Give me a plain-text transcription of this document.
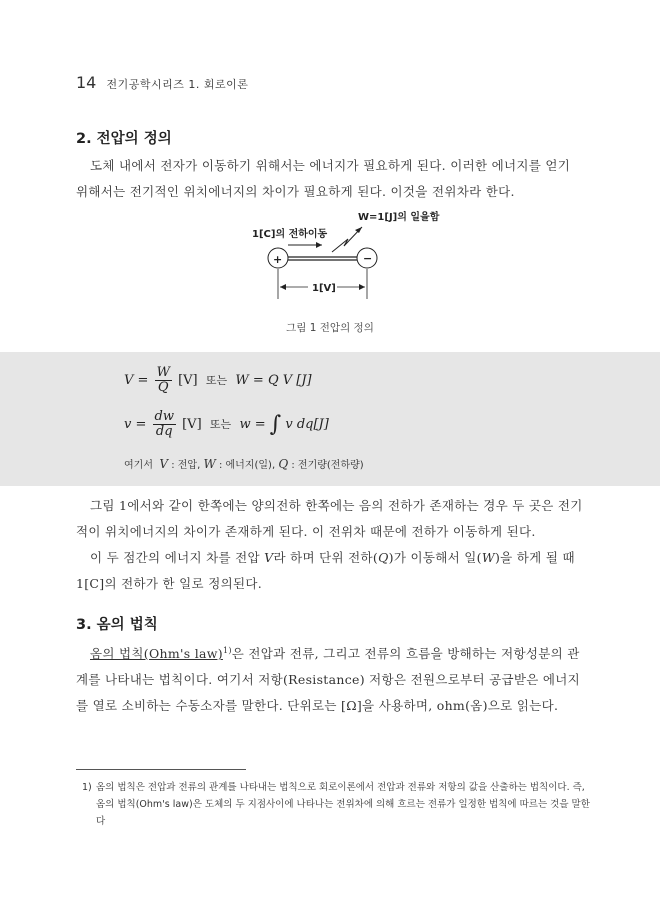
14 전기공학시리즈 1. 회로이론
2. 전압의 정의

도체 내에서 전자가 이동하기 위해서는 에너지가 필요하게 된다. 이러한 에너지를 얻기 위해서는 전기적인 위치에너지의 차이가 필요하게 된다. 이것을 전위차라 한다.

W=1[J]의 일을함
1[C]의 전하이동
+	−
1[V]
그림 1 전압의 정의
$V = \frac{W}{Q} [V]$ 또는 W = Q V [J]
$v = \frac{dw}{dq} [V]$ 또는 w = ∫ v dq[J]
여기서 V : 전압, W : 에너지(일), Q : 전기량(전하량)

그림 1에서와 같이 한쪽에는 양의전하 한쪽에는 음의 전하가 존재하는 경우 두 곳은 전기적이 위치에너지의 차이가 존재하게 된다. 이 전위차 때문에 전하가 이동하게 된다.

이 두 점간의 에너지 차를 전압 V라 하며 단위 전하(Q)가 이동해서 일(W)을 하게 될 때 1[C]의 전하가 한 일로 정의된다.

3. 옴의 법칙

옴의 법칙(Ohm's law)$^{1)}$은 전압과 전류, 그리고 전류의 흐름을 방해하는 저항성분의 관계를 나타내는 법칙이다. 여기서 저항(Resistance) 저항은 전원으로부터 공급받은 에너지를 열로 소비하는 수동소자를 말한다. 단위로는 [Ω]을 사용하며, ohm(옴)으로 읽는다.

1) 옴의 법칙은 전압과 전류의 관계를 나타내는 법칙으로 회로이론에서 전압과 전류와 저항의 값을 산출하는 법칙이다. 즉, 옴의 법칙(Ohm's law)은 도체의 두 지점사이에 나타나는 전위차에 의해 흐르는 전류가 일정한 법칙에 따르는 것을 말한다
